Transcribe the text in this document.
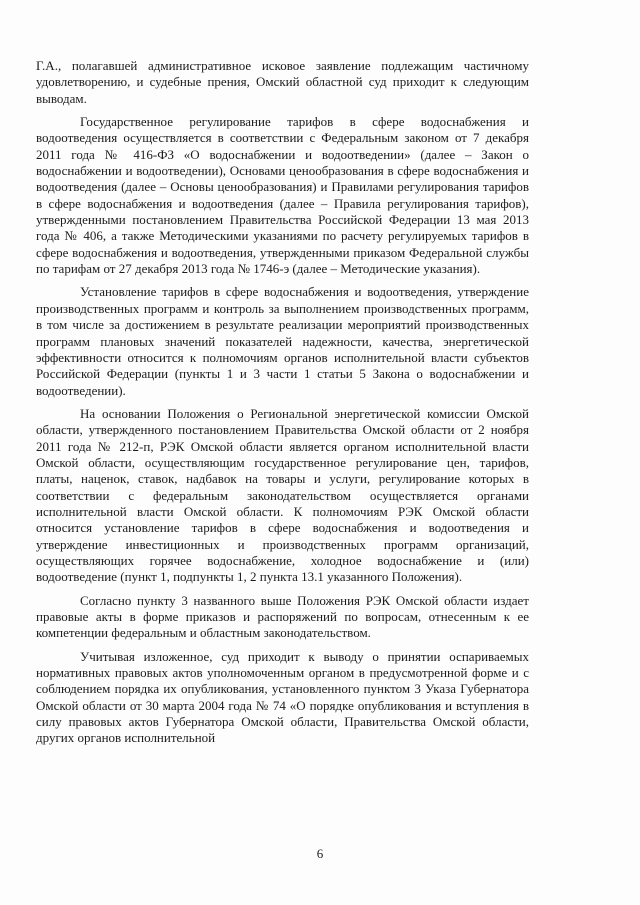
Г.А., полагавшей административное исковое заявление подлежащим частичному удовлетворению, и судебные прения, Омский областной суд приходит к следующим выводам.

Государственное регулирование тарифов в сфере водоснабжения и водоотведения осуществляется в соответствии с Федеральным законом от 7 декабря 2011 года № 416-ФЗ «О водоснабжении и водоотведении» (далее – Закон о водоснабжении и водоотведении), Основами ценообразования в сфере водоснабжения и водоотведения (далее – Основы ценообразования) и Правилами регулирования тарифов в сфере водоснабжения и водоотведения (далее – Правила регулирования тарифов), утвержденными постановлением Правительства Российской Федерации 13 мая 2013 года № 406, а также Методическими указаниями по расчету регулируемых тарифов в сфере водоснабжения и водоотведения, утвержденными приказом Федеральной службы по тарифам от 27 декабря 2013 года № 1746-э (далее – Методические указания).

Установление тарифов в сфере водоснабжения и водоотведения, утверждение производственных программ и контроль за выполнением производственных программ, в том числе за достижением в результате реализации мероприятий производственных программ плановых значений показателей надежности, качества, энергетической эффективности относится к полномочиям органов исполнительной власти субъектов Российской Федерации (пункты 1 и 3 части 1 статьи 5 Закона о водоснабжении и водоотведении).

На основании Положения о Региональной энергетической комиссии Омской области, утвержденного постановлением Правительства Омской области от 2 ноября 2011 года № 212-п, РЭК Омской области является органом исполнительной власти Омской области, осуществляющим государственное регулирование цен, тарифов, платы, наценок, ставок, надбавок на товары и услуги, регулирование которых в соответствии с федеральным законодательством осуществляется органами исполнительной власти Омской области. К полномочиям РЭК Омской области относится установление тарифов в сфере водоснабжения и водоотведения и утверждение инвестиционных и производственных программ организаций, осуществляющих горячее водоснабжение, холодное водоснабжение и (или) водоотведение (пункт 1, подпункты 1, 2 пункта 13.1 указанного Положения).

Согласно пункту 3 названного выше Положения РЭК Омской области издает правовые акты в форме приказов и распоряжений по вопросам, отнесенным к ее компетенции федеральным и областным законодательством.

Учитывая изложенное, суд приходит к выводу о принятии оспариваемых нормативных правовых актов уполномоченным органом в предусмотренной форме и с соблюдением порядка их опубликования, установленного пунктом 3 Указа Губернатора Омской области от 30 марта 2004 года № 74 «О порядке опубликования и вступления в силу правовых актов Губернатора Омской области, Правительства Омской области, других органов исполнительной

6
